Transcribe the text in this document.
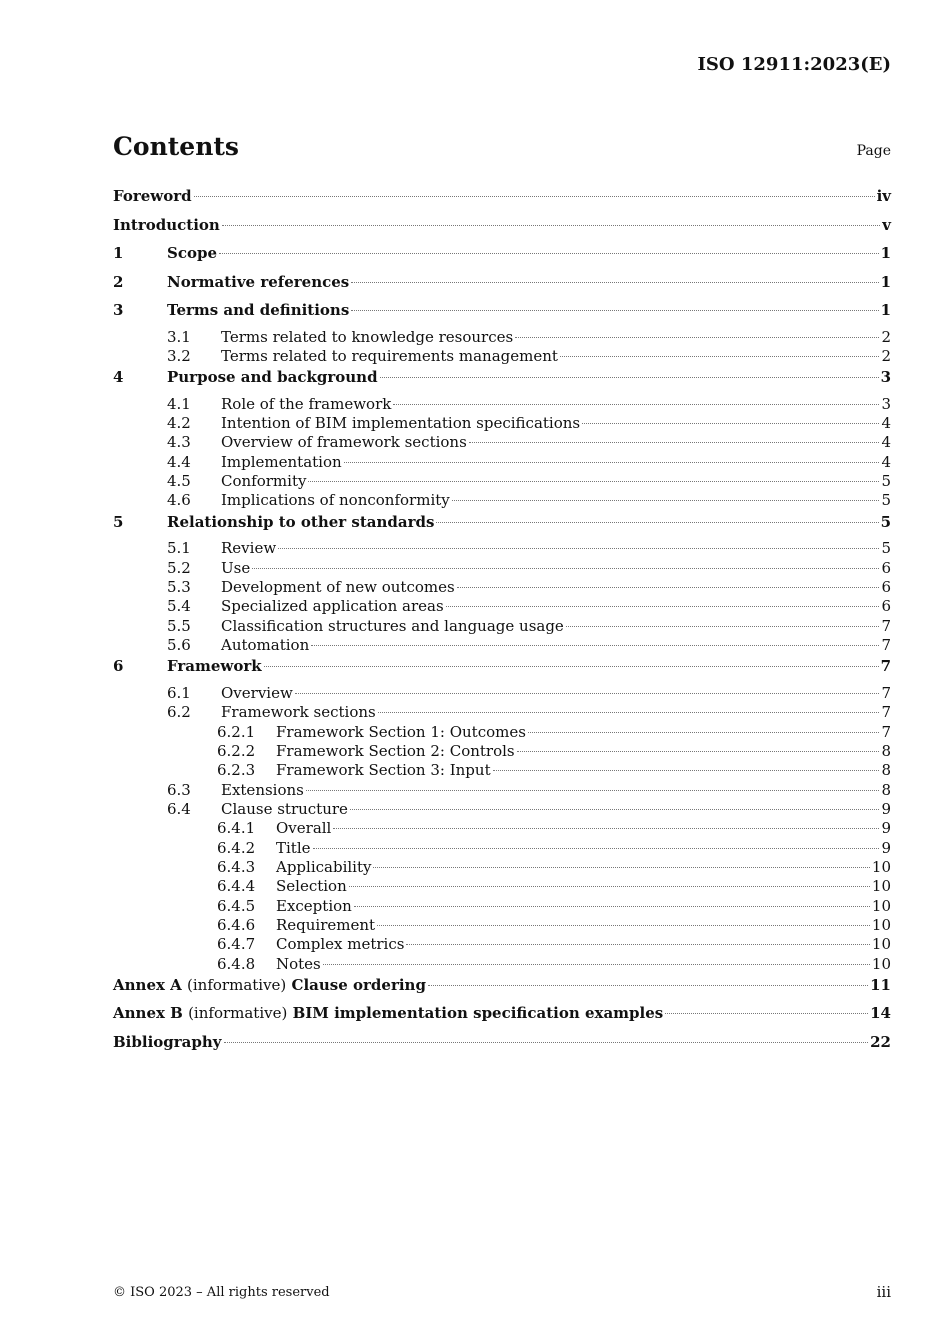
ISO 12911:2023(E)
Contents	Page
Foreword	iv
Introduction	v
1	Scope	1
2	Normative references	1
3	Terms and definitions	1
3.1	Terms related to knowledge resources	2
3.2	Terms related to requirements management	2
4	Purpose and background	3
4.1	Role of the framework	3
4.2	Intention of BIM implementation specifications	4
4.3	Overview of framework sections	4
4.4	Implementation	4
4.5	Conformity	5
4.6	Implications of nonconformity	5
5	Relationship to other standards	5
5.1	Review	5
5.2	Use	6
5.3	Development of new outcomes	6
5.4	Specialized application areas	6
5.5	Classification structures and language usage	7
5.6	Automation	7
6	Framework	7
6.1	Overview	7
6.2	Framework sections	7
6.2.1	Framework Section 1: Outcomes	7
6.2.2	Framework Section 2: Controls	8
6.2.3	Framework Section 3: Input	8
6.3	Extensions	8
6.4	Clause structure	9
6.4.1	Overall	9
6.4.2	Title	9
6.4.3	Applicability	10
6.4.4	Selection	10
6.4.5	Exception	10
6.4.6	Requirement	10
6.4.7	Complex metrics	10
6.4.8	Notes	10
Annex A (informative) Clause ordering	11
Annex B (informative) BIM implementation specification examples	14
Bibliography	22
© ISO 2023 – All rights reserved	iii
